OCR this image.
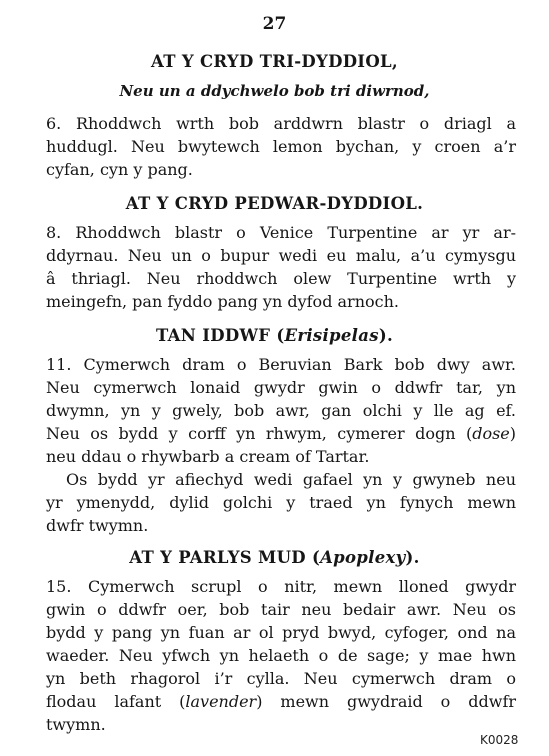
27
AT Y CRYD TRI-DYDDIOL,
Neu un a ddychwelo bob tri diwrnod,
6. Rhoddwch wrth bob arddwrn blastr o driagl a
huddugl. Neu bwytewch lemon bychan, y croen a’r
cyfan, cyn y pang.
AT Y CRYD PEDWAR-DYDDIOL.
8. Rhoddwch blastr o Venice Turpentine ar yr ar-
ddyrnau. Neu un o bupur wedi eu malu, a’u cymysgu
â thriagl. Neu rhoddwch olew Turpentine wrth y
meingefn, pan fyddo pang yn dyfod arnoch.
TAN IDDWF (Erisipelas).
11. Cymerwch dram o Beruvian Bark bob dwy awr.
Neu cymerwch lonaid gwydr gwin o ddwfr tar, yn
dwymn, yn y gwely, bob awr, gan olchi y lle ag ef.
Neu os bydd y corff yn rhwym, cymerer dogn (dose)
neu ddau o rhywbarb a cream of Tartar.
Os bydd yr afiechyd wedi gafael yn y gwyneb neu
yr ymenydd, dylid golchi y traed yn fynych mewn
dwfr twymn.
AT Y PARLYS MUD (Apoplexy).
15. Cymerwch scrupl o nitr, mewn lloned gwydr
gwin o ddwfr oer, bob tair neu bedair awr. Neu os
bydd y pang yn fuan ar ol pryd bwyd, cyfoger, ond na
waeder. Neu yfwch yn helaeth o de sage; y mae hwn
yn beth rhagorol i’r cylla. Neu cymerwch dram o
flodau lafant (lavender) mewn gwydraid o ddwfr
twymn.
K0028
